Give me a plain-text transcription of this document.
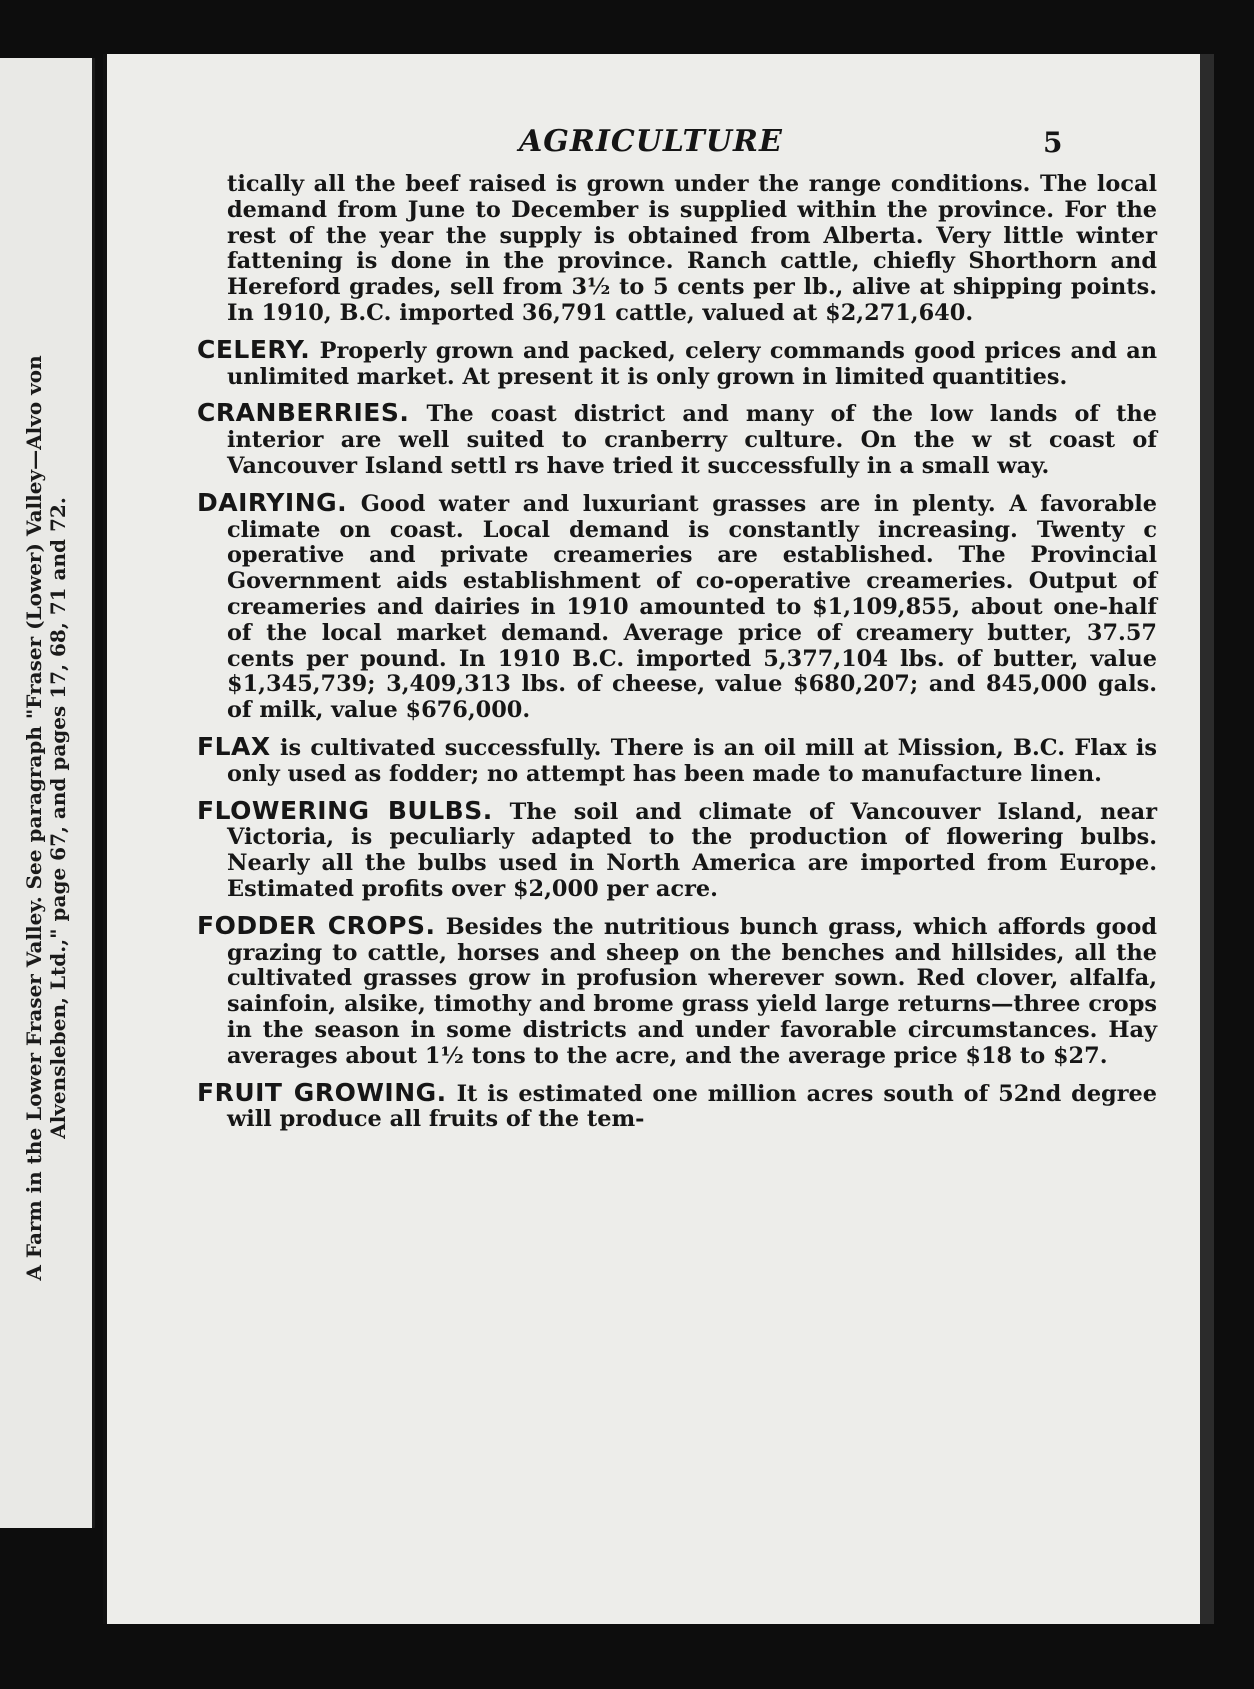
A Farm in the Lower Fraser Valley. See paragraph "Fraser (Lower) Valley—Alvo von Alvensleben, Ltd.," page 67, and pages 17, 68, 71 and 72.
AGRICULTURE	5

tically all the beef raised is grown under the range conditions. The local demand from June to December is supplied within the province. For the rest of the year the supply is obtained from Alberta. Very little winter fattening is done in the province. Ranch cattle, chiefly Shorthorn and Hereford grades, sell from 3½ to 5 cents per lb., alive at shipping points. In 1910, B.C. imported 36,791 cattle, valued at $2,271,640.

CELERY. Properly grown and packed, celery commands good prices and an unlimited market. At present it is only grown in limited quantities.

CRANBERRIES. The coast district and many of the low lands of the interior are well suited to cranberry culture. On the w st coast of Vancouver Island settl rs have tried it successfully in a small way.

DAIRYING. Good water and luxuriant grasses are in plenty. A favorable climate on coast. Local demand is constantly increasing. Twenty c operative and private creameries are established. The Provincial Government aids establishment of co-operative creameries. Output of creameries and dairies in 1910 amounted to $1,109,855, about one-half of the local market demand. Average price of creamery butter, 37.57 cents per pound. In 1910 B.C. imported 5,377,104 lbs. of butter, value $1,345,739; 3,409,313 lbs. of cheese, value $680,207; and 845,000 gals. of milk, value $676,000.

FLAX is cultivated successfully. There is an oil mill at Mission, B.C. Flax is only used as fodder; no attempt has been made to manufacture linen.

FLOWERING BULBS. The soil and climate of Vancouver Island, near Victoria, is peculiarly adapted to the production of flowering bulbs. Nearly all the bulbs used in North America are imported from Europe. Estimated profits over $2,000 per acre.

FODDER CROPS. Besides the nutritious bunch grass, which affords good grazing to cattle, horses and sheep on the benches and hillsides, all the cultivated grasses grow in profusion wherever sown. Red clover, alfalfa, sainfoin, alsike, timothy and brome grass yield large returns—three crops in the season in some districts and under favorable circumstances. Hay averages about 1½ tons to the acre, and the average price $18 to $27.

FRUIT GROWING. It is estimated one million acres south of 52nd degree will produce all fruits of the tem-
